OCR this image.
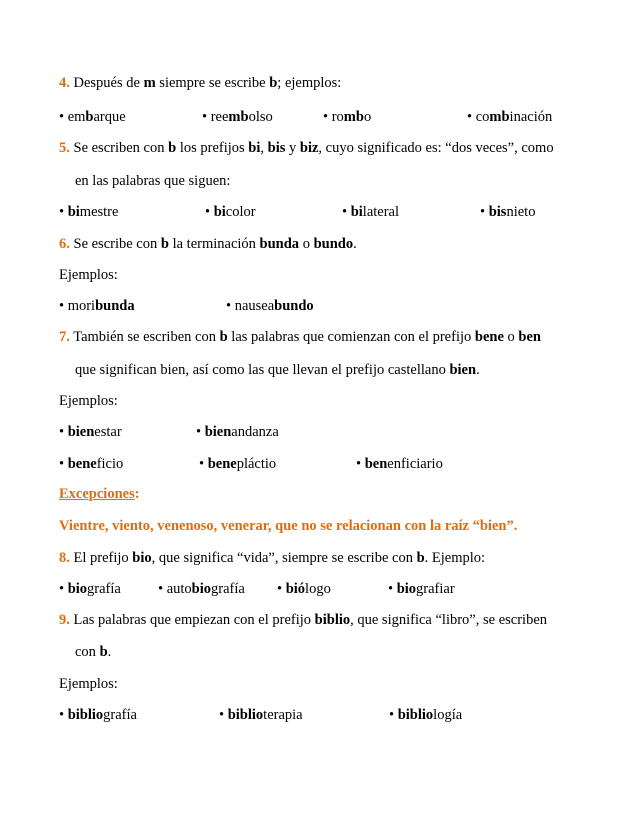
4. Después de m siempre se escribe b; ejemplos:
• embarque	• reembolso	• rombo	• combinación
5. Se escriben con b los prefijos bi, bis y biz, cuyo significado es: “dos veces”, como
en las palabras que siguen:
• bimestre	• bicolor	• bilateral	• bisnieto
6. Se escribe con b la terminación bunda o bundo.
Ejemplos:
• moribunda	• nauseabundo
7. También se escriben con b las palabras que comienzan con el prefijo bene o ben
que significan bien, así como las que llevan el prefijo castellano bien.
Ejemplos:
• bienestar	• bienandanza
• beneficio	• benepláctio	• benenficiario
Excepciones:
Vientre, viento, venenoso, venerar, que no se relacionan con la raíz “bien”.
8. El prefijo bio, que significa “vida”, siempre se escribe con b. Ejemplo:
• biografía	• autobiografía • biólogo	• biografiar
9. Las palabras que empiezan con el prefijo biblio, que significa “libro”, se escriben
con b.
Ejemplos:
• bibliografía	• biblioterapia	• bibliología
